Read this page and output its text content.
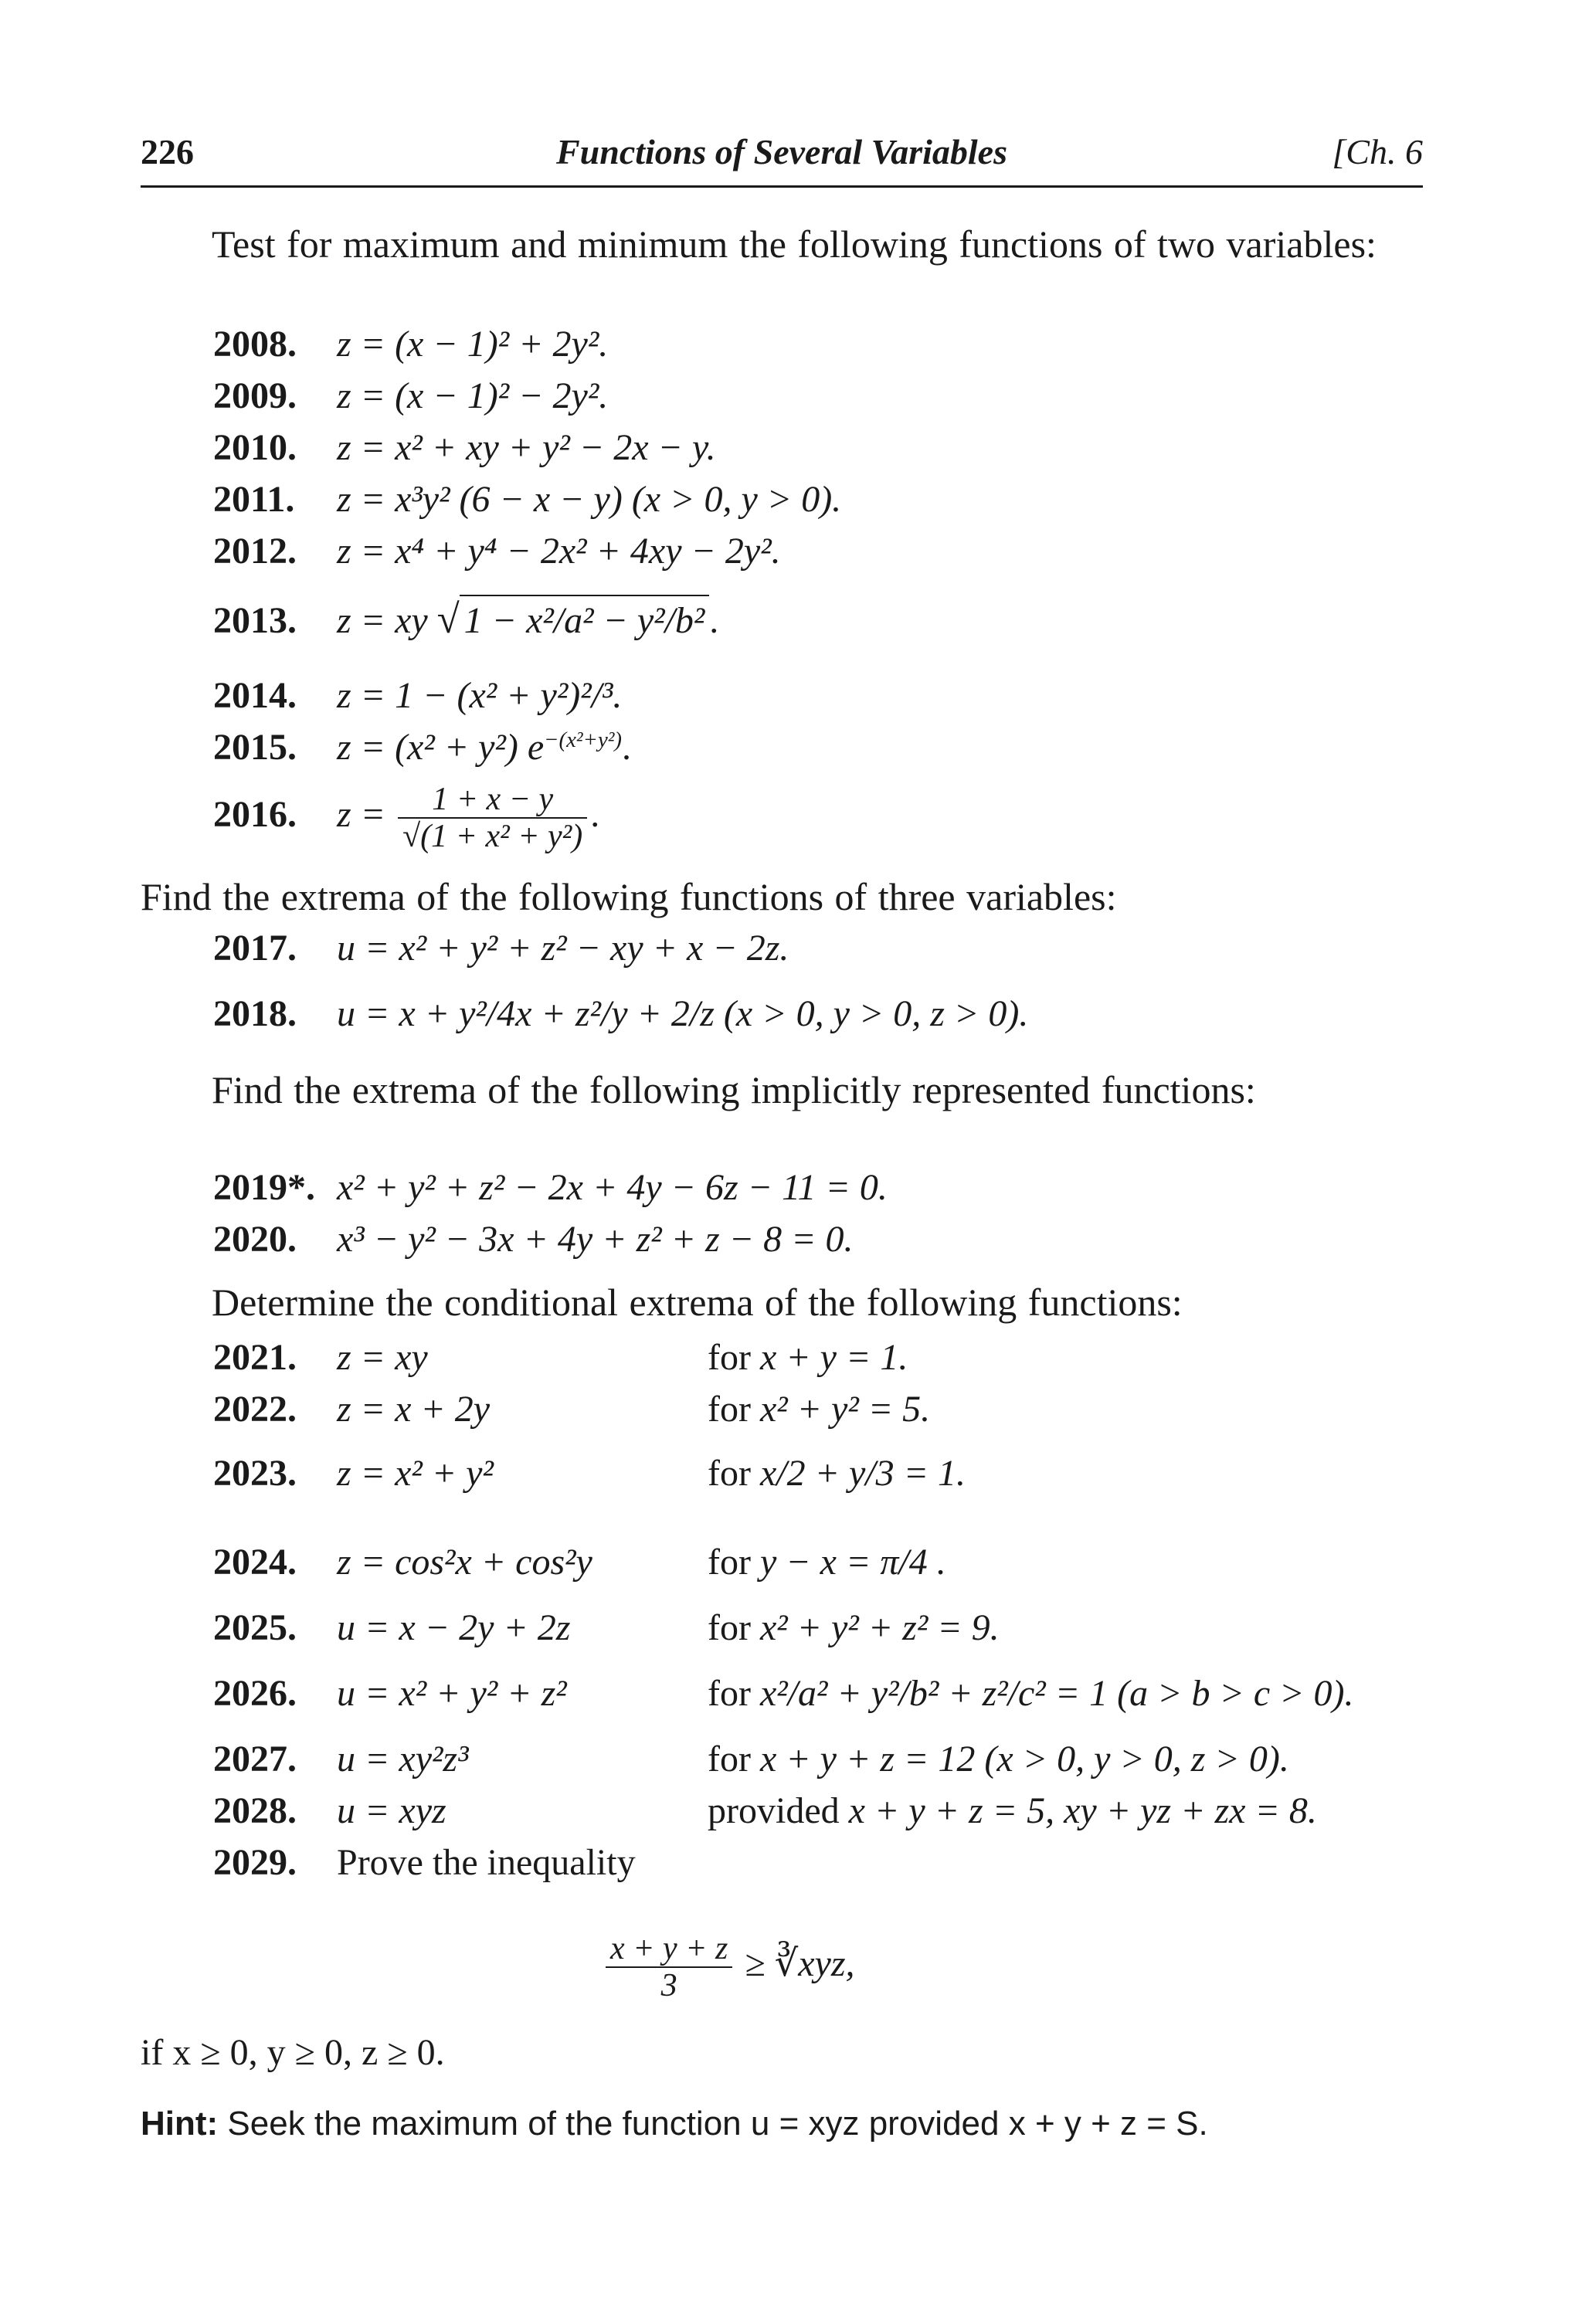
226	Functions of Several Variables	[Ch. 6
Test for maximum and minimum the following functions of two variables:
2008. z = (x − 1)² + 2y².
2009. z = (x − 1)² − 2y².
2010. z = x² + xy + y² − 2x − y.
2011. z = x³y² (6 − x − y) (x > 0, y > 0).
2012. z = x⁴ + y⁴ − 2x² + 4xy − 2y².
2013. z = xy √ 1 − x²/a² − y²/b² .
2014. z = 1 − (x² + y²)²/³.
2015. z = (x² + y²) $e^{-(x^2+y^2)}$.
2016. $z = \frac{1 + x - y}{\text{√(1 + x² + y²)}}$ .
Find the extrema of the following functions of three variables:
2017. u = x² + y² + z² − xy + x − 2z.
2018. u = x + y²/4x + z²/y + 2/z (x > 0, y > 0, z > 0).
Find the extrema of the following implicitly represented functions:
2019*. x² + y² + z² − 2x + 4y − 6z − 11 = 0.
2020. x³ − y² − 3x + 4y + z² + z − 8 = 0.
Determine the conditional extrema of the following functions:
2021. z = xy	for x + y = 1.
2022. z = x + 2y	for x² + y² = 5.
2023. z = x² + y²	for x/2 + y/3 = 1.
2024. z = cos²x + cos²y	for y − x = π/4 .
2025. u = x − 2y + 2z	for x² + y² + z² = 9.
2026. u = x² + y² + z²	for x²/a² + y²/b² + z²/c² = 1 (a > b > c > 0).
2027. u = xy²z³	for x + y + z = 12 (x > 0, y > 0, z > 0).
2028. u = xyz	provided x + y + z = 5, xy + yz + zx = 8.
2029. Prove the inequality
$\frac{x + y + z}{3}$ ≥ ∛xyz,
if x ≥ 0, y ≥ 0, z ≥ 0.
Hint: Seek the maximum of the function u = xyz provided x + y + z = S.
